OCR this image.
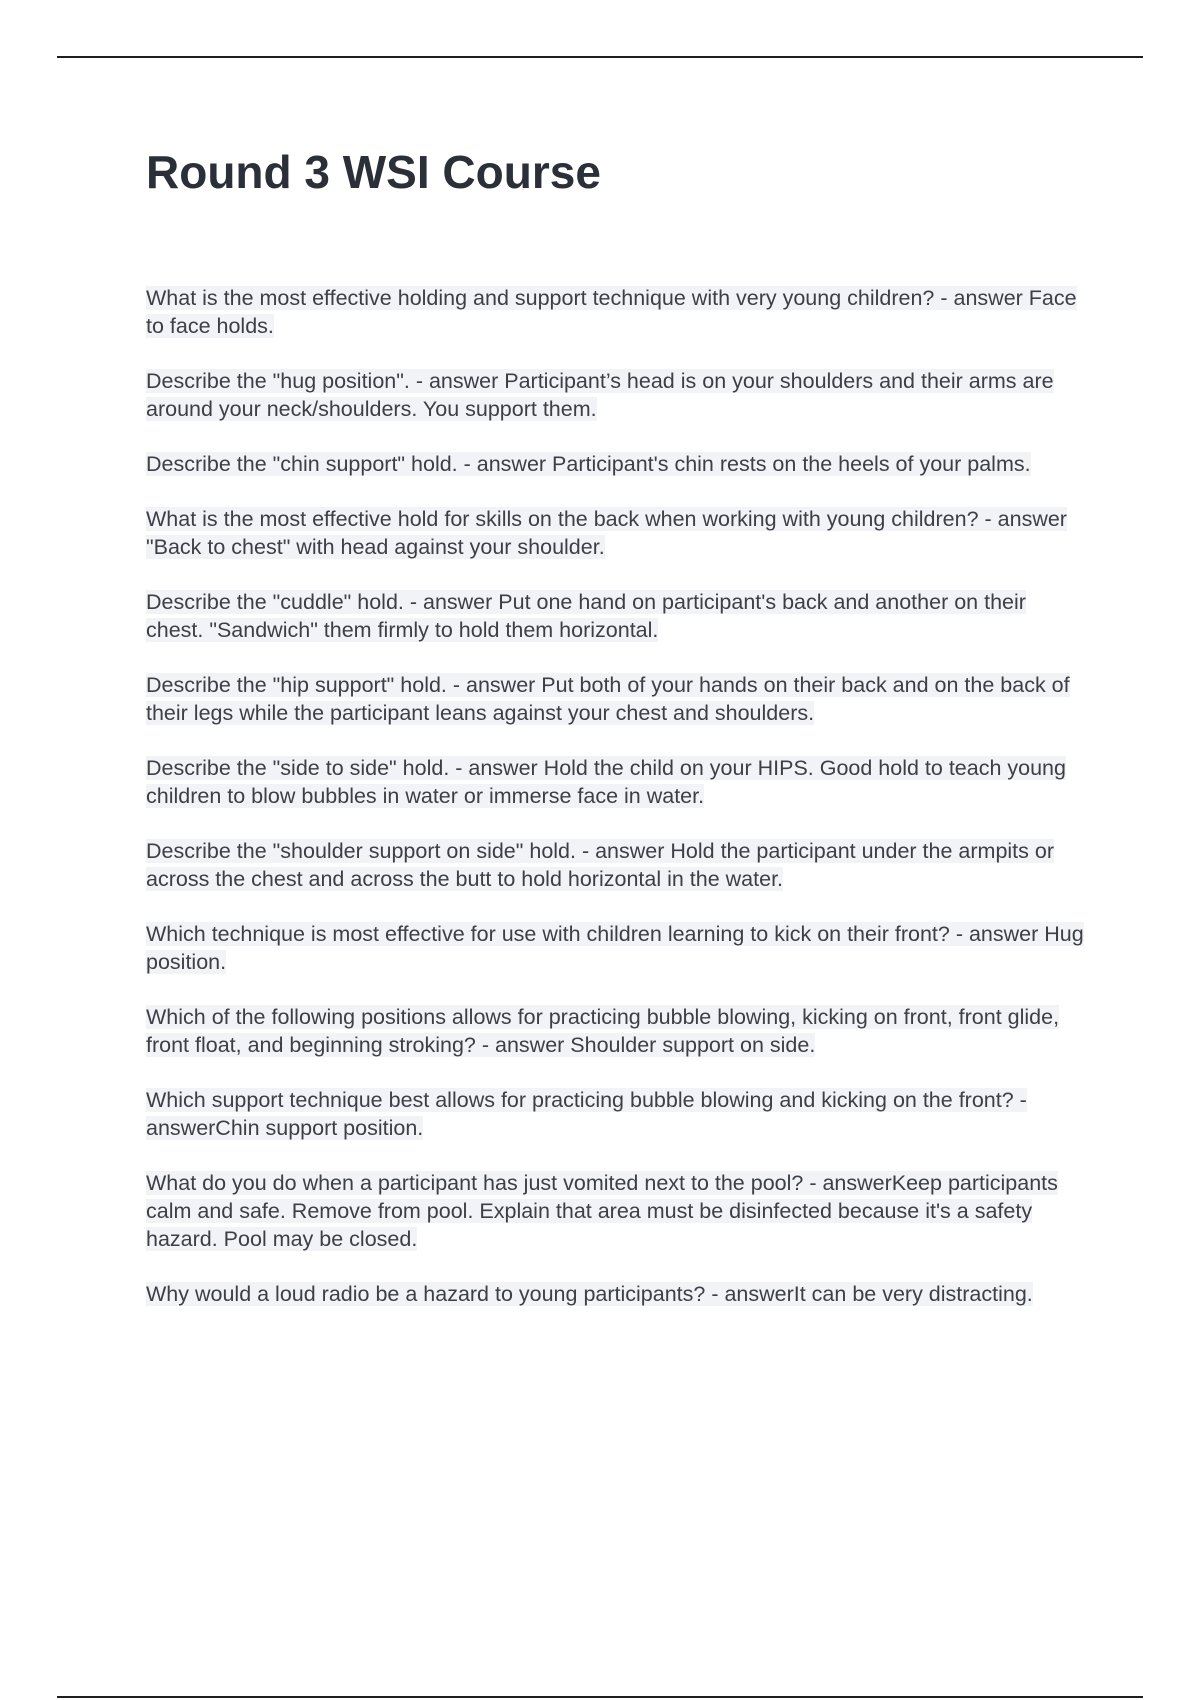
Round 3 WSI Course

What is the most effective holding and support technique with very young children? - answer Face to face holds.

Describe the "hug position". - answer Participant’s head is on your shoulders and their arms are around your neck/shoulders. You support them.

Describe the "chin support" hold. - answer Participant's chin rests on the heels of your palms.

What is the most effective hold for skills on the back when working with young children? - answer "Back to chest" with head against your shoulder.

Describe the "cuddle" hold. - answer Put one hand on participant's back and another on their chest. "Sandwich" them firmly to hold them horizontal.

Describe the "hip support" hold. - answer Put both of your hands on their back and on the back of their legs while the participant leans against your chest and shoulders.

Describe the "side to side" hold. - answer Hold the child on your HIPS. Good hold to teach young children to blow bubbles in water or immerse face in water.

Describe the "shoulder support on side" hold. - answer Hold the participant under the armpits or across the chest and across the butt to hold horizontal in the water.

Which technique is most effective for use with children learning to kick on their front? - answer Hug position.

Which of the following positions allows for practicing bubble blowing, kicking on front, front glide, front float, and beginning stroking? - answer Shoulder support on side.

Which support technique best allows for practicing bubble blowing and kicking on the front? - answerChin support position.

What do you do when a participant has just vomited next to the pool? - answerKeep participants calm and safe. Remove from pool. Explain that area must be disinfected because it's a safety hazard. Pool may be closed.

Why would a loud radio be a hazard to young participants? - answerIt can be very distracting.
